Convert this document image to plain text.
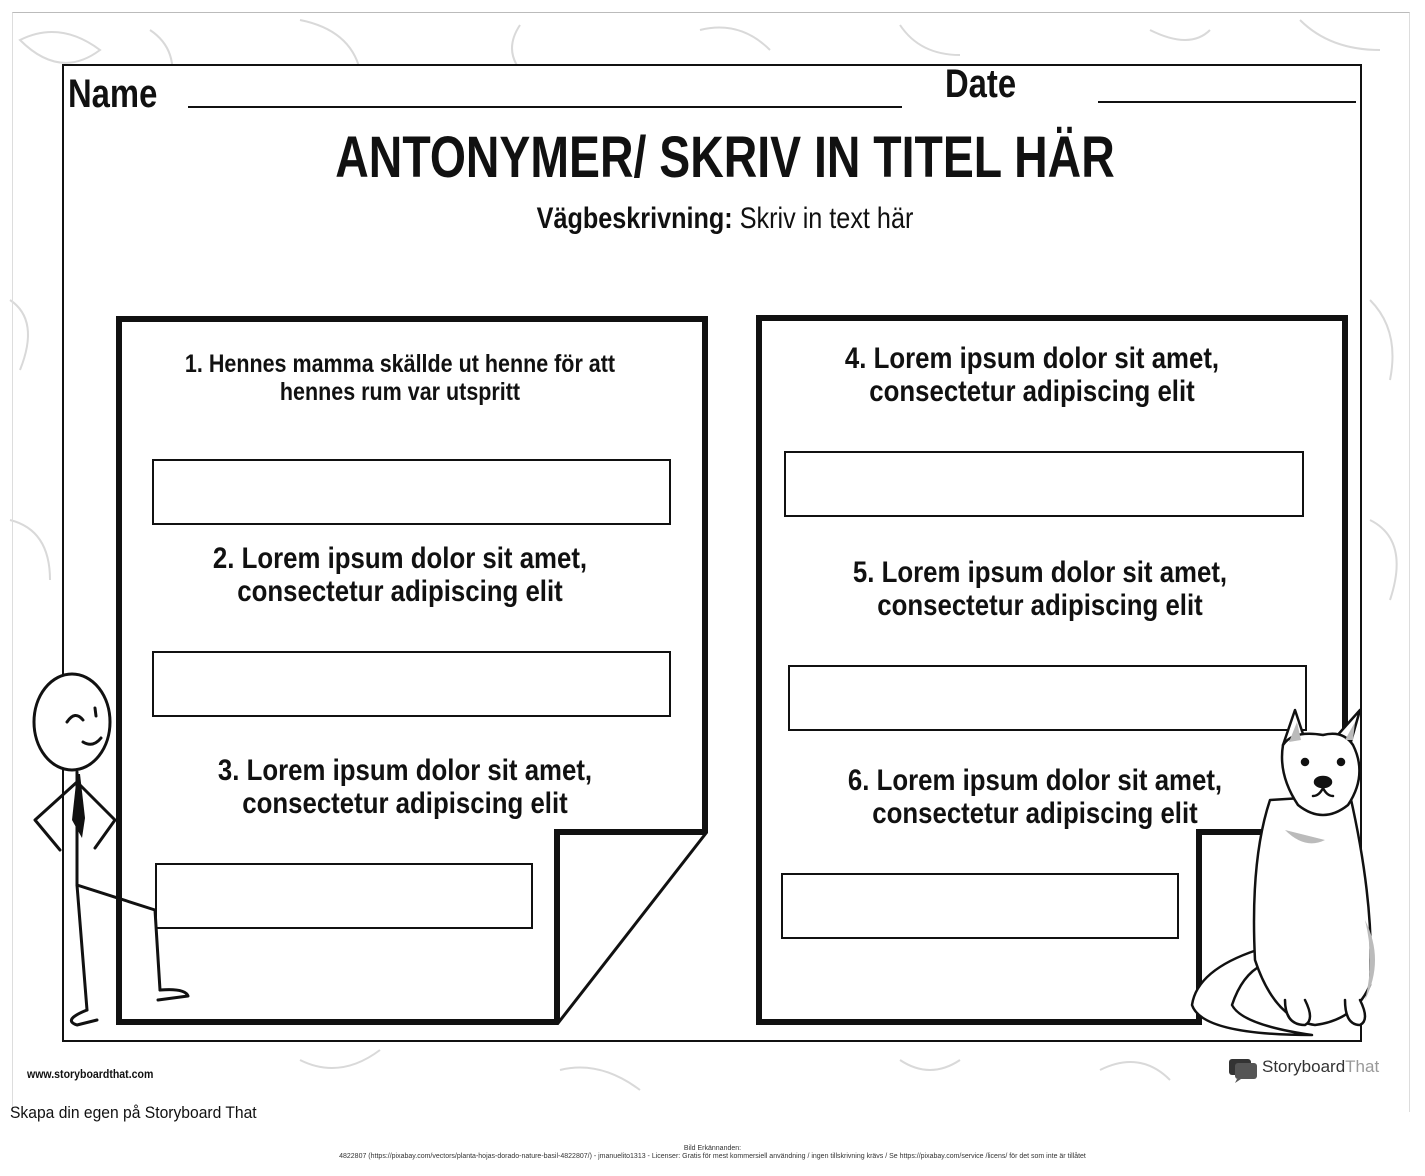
Name	Date
ANTONYMER/ SKRIV IN TITEL HÄR
Vägbeskrivning: Skriv in text här
1. Hennes mamma skällde ut henne för att
hennes rum var utspritt
2. Lorem ipsum dolor sit amet,
consectetur adipiscing elit
3. Lorem ipsum dolor sit amet,
consectetur adipiscing elit
4. Lorem ipsum dolor sit amet,
consectetur adipiscing elit
5. Lorem ipsum dolor sit amet,
consectetur adipiscing elit
6. Lorem ipsum dolor sit amet,
consectetur adipiscing elit
www.storyboardthat.com
Skapa din egen på Storyboard That
StoryboardThat
Bild Erkännanden:
4822807 (https://pixabay.com/vectors/planta-hojas-dorado-nature-basil-4822807/) - jmanuelito1313 - Licenser: Gratis för mest kommersiell användning / ingen tillskrivning krävs / Se https://pixabay.com/service /licens/ för det som inte är tillåtet
